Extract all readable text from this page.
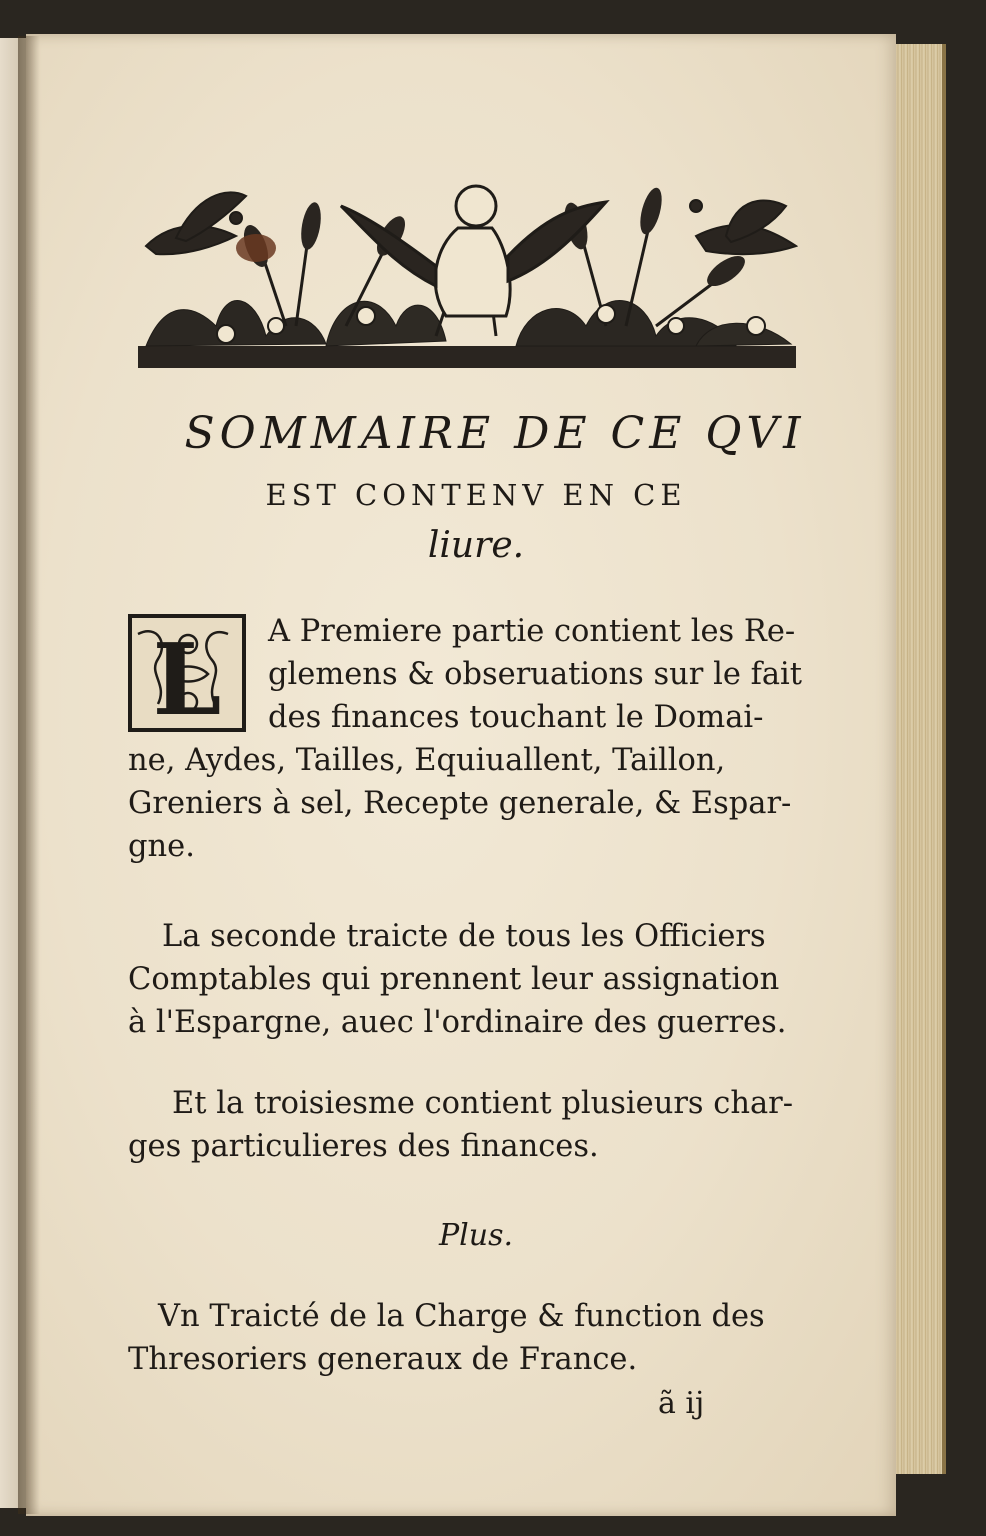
SOMMAIRE DE CE QVI
EST CONTENV EN CE
liure.
L	A Premiere partie contient les Re-
glemens & obseruations sur le fait
des finances touchant le Domai-
ne, Aydes, Tailles, Equiuallent, Taillon,
Greniers à sel, Recepte generale, & Espar-
gne.
La seconde traicte de tous les Officiers
Comptables qui prennent leur assignation
à l'Espargne, auec l'ordinaire des guerres.
Et la troisiesme contient plusieurs char-
ges particulieres des finances.
Plus.
Vn Traicté de la Charge & function des
Thresoriers generaux de France.
ã ij
